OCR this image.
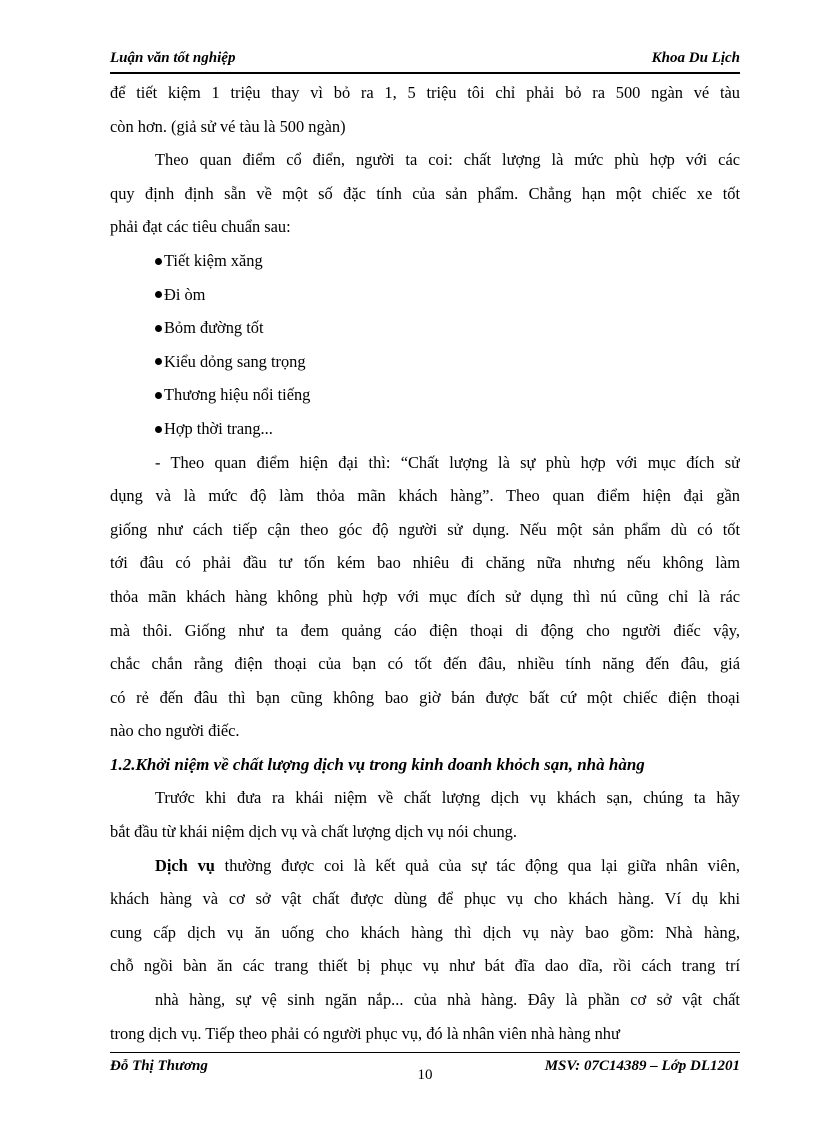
Luận văn tốt nghiệp	Khoa Du Lịch
để tiết kiệm 1 triệu thay vì bỏ ra 1, 5 triệu tôi chỉ phải bỏ ra 500 ngàn vé tàu
còn hơn. (giả sử vé tàu là 500 ngàn)
Theo quan điểm cổ điển, người ta coi: chất lượng là mức phù hợp với các
quy định định sẵn về một số đặc tính của sản phẩm. Chẳng hạn một chiếc xe tốt
phải đạt các tiêu chuẩn sau:
Tiết kiệm xăng
Đi òm
Bỏm đường tốt
Kiểu dỏng sang trọng
Thương hiệu nổi tiếng
Hợp thời trang...
- Theo quan điểm hiện đại thì: “Chất lượng là sự phù hợp với mục đích sử
dụng và là mức độ làm thỏa mãn khách hàng”. Theo quan điểm hiện đại gần
giống như cách tiếp cận theo góc độ người sử dụng. Nếu một sản phẩm dù có tốt
tới đâu có phải đầu tư tốn kém bao nhiêu đi chăng nữa nhưng nếu không làm
thỏa mãn khách hàng không phù hợp với mục đích sử dụng thì nú cũng chỉ là rác
mà thôi. Giống như ta đem quảng cáo điện thoại di động cho người điếc vậy,
chắc chắn rằng điện thoại của bạn có tốt đến đâu, nhiều tính năng đến đâu, giá
có rẻ đến đâu thì bạn cũng không bao giờ bán được bất cứ một chiếc điện thoại
nào cho người điếc.
1.2.Khởi niệm về chất lượng dịch vụ trong kinh doanh khỏch sạn, nhà hàng
Trước khi đưa ra khái niệm về chất lượng dịch vụ khách sạn, chúng ta hãy
bắt đầu từ khái niệm dịch vụ và chất lượng dịch vụ nói chung.
Dịch vụ thường được coi là kết quả của sự tác động qua lại giữa nhân viên,
khách hàng và cơ sở vật chất được dùng để phục vụ cho khách hàng. Ví dụ khi
cung cấp dịch vụ ăn uống cho khách hàng thì dịch vụ này bao gồm: Nhà hàng,
chỗ ngồi bàn ăn các trang thiết bị phục vụ như bát đĩa dao dĩa, rồi cách trang trí
nhà hàng, sự vệ sinh ngăn nắp... của nhà hàng. Đây là phần cơ sở vật chất
trong dịch vụ. Tiếp theo phải có người phục vụ, đó là nhân viên nhà hàng như
Đỗ Thị Thương
10
MSV: 07C14389 – Lớp DL1201
